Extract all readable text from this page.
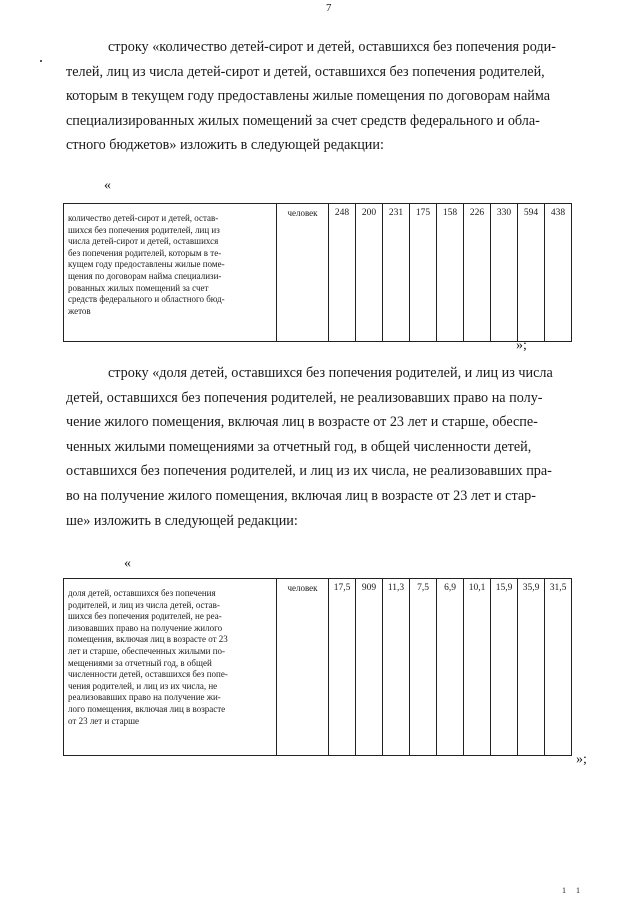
7

строку «количество детей-сирот и детей, оставшихся без попечения роди-
телей, лиц из числа детей-сирот и детей, оставшихся без попечения родителей,
которым в текущем году предоставлены жилые помещения по договорам найма
специализированных жилых помещений за счет средств федерального и обла-
стного бюджетов» изложить в следующей редакции:

«
количество детей-сирот и детей, остав-
шихся без попечения родителей, лиц из
числа детей-сирот и детей, оставшихся
без попечения родителей, которым в те-
кущем году предоставлены жилые поме-
щения по договорам найма специализи-
рованных жилых помещений за счет
средств федерального и областного бюд-
жетов
	человек	248	200	231	175	158	226	330	594	438
»;

строку «доля детей, оставшихся без попечения родителей, и лиц из числа
детей, оставшихся без попечения родителей, не реализовавших право на полу-
чение жилого помещения, включая лиц в возрасте от 23 лет и старше, обеспе-
ченных жилыми помещениями за отчетный год, в общей численности детей,
оставшихся без попечения родителей, и лиц из их числа, не реализовавших пра-
во на получение жилого помещения, включая лиц в возрасте от 23 лет и стар-
ше» изложить в следующей редакции:

«
доля детей, оставшихся без попечения
родителей, и лиц из числа детей, остав-
шихся без попечения родителей, не реа-
лизовавших право на получение жилого
помещения, включая лиц в возрасте от 23
лет и старше, обеспеченных жилыми по-
мещениями за отчетный год, в общей
численности детей, оставшихся без попе-
чения родителей, и лиц из их числа, не
реализовавших право на получение жи-
лого помещения, включая лиц в возрасте
от 23 лет и старше
	человек	17,5	909	11,3	7,5	6,9	10,1	15,9	35,9	31,5
»;
1 1
